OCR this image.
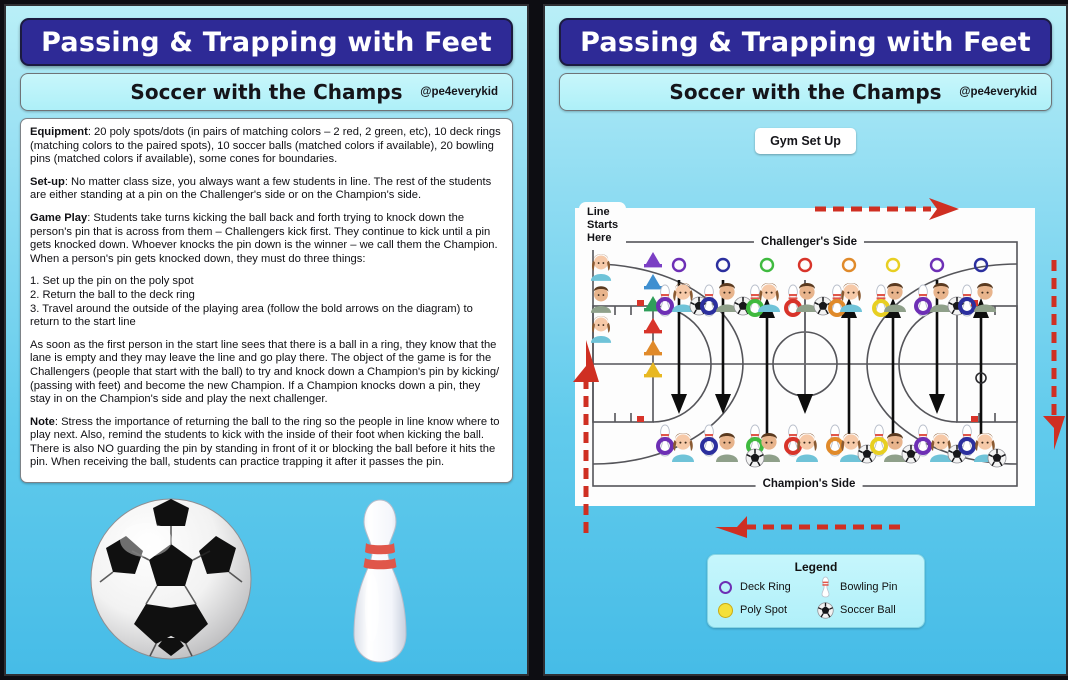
Passing & Trapping with Feet
Soccer with the Champs	@pe4everykid

Equipment: 20 poly spots/dots (in pairs of matching colors – 2 red, 2 green, etc), 10 deck rings (matching colors to the paired spots), 10 soccer balls (matched colors if available), 20 bowling pins (matched colors if available), some cones for boundaries.

Set-up: No matter class size, you always want a few students in line. The rest of the students are either standing at a pin on the Challenger's side or on the Champion's side.

Game Play: Students take turns kicking the ball back and forth trying to knock down the person's pin that is across from them – Challengers kick first. They continue to kick until a pin gets knocked down. Whoever knocks the pin down is the winner – we call them the Champion. When a person's pin gets knocked down, they must do three things:

1. Set up the pin on the poly spot
2. Return the ball to the deck ring
3. Travel around the outside of the playing area (follow the bold arrows on the diagram) to return to the start line

As soon as the first person in the start line sees that there is a ball in a ring, they know that the lane is empty and they may leave the line and go play there. The object of the game is for the Challengers (people that start with the ball) to try and knock down a Champion's pin by kicking/ (passing with feet) and become the new Champion. If a Champion knocks down a pin, they stay in on the Champion's side and play the next challenger.

Note: Stress the importance of returning the ball to the ring so the people in line know where to play next. Also, remind the students to kick with the inside of their foot when kicking the ball. There is also NO guarding the pin by standing in front of it or blocking the ball before it hits the pin. When receiving the ball, students can practice trapping it after it passes the pin.

Passing & Trapping with Feet
Soccer with the Champs	@pe4everykid
Gym Set Up
Line
Starts
Here	Challenger's Side
Champion's Side
Legend
Deck Ring	Bowling Pin
Poly Spot	Soccer Ball
